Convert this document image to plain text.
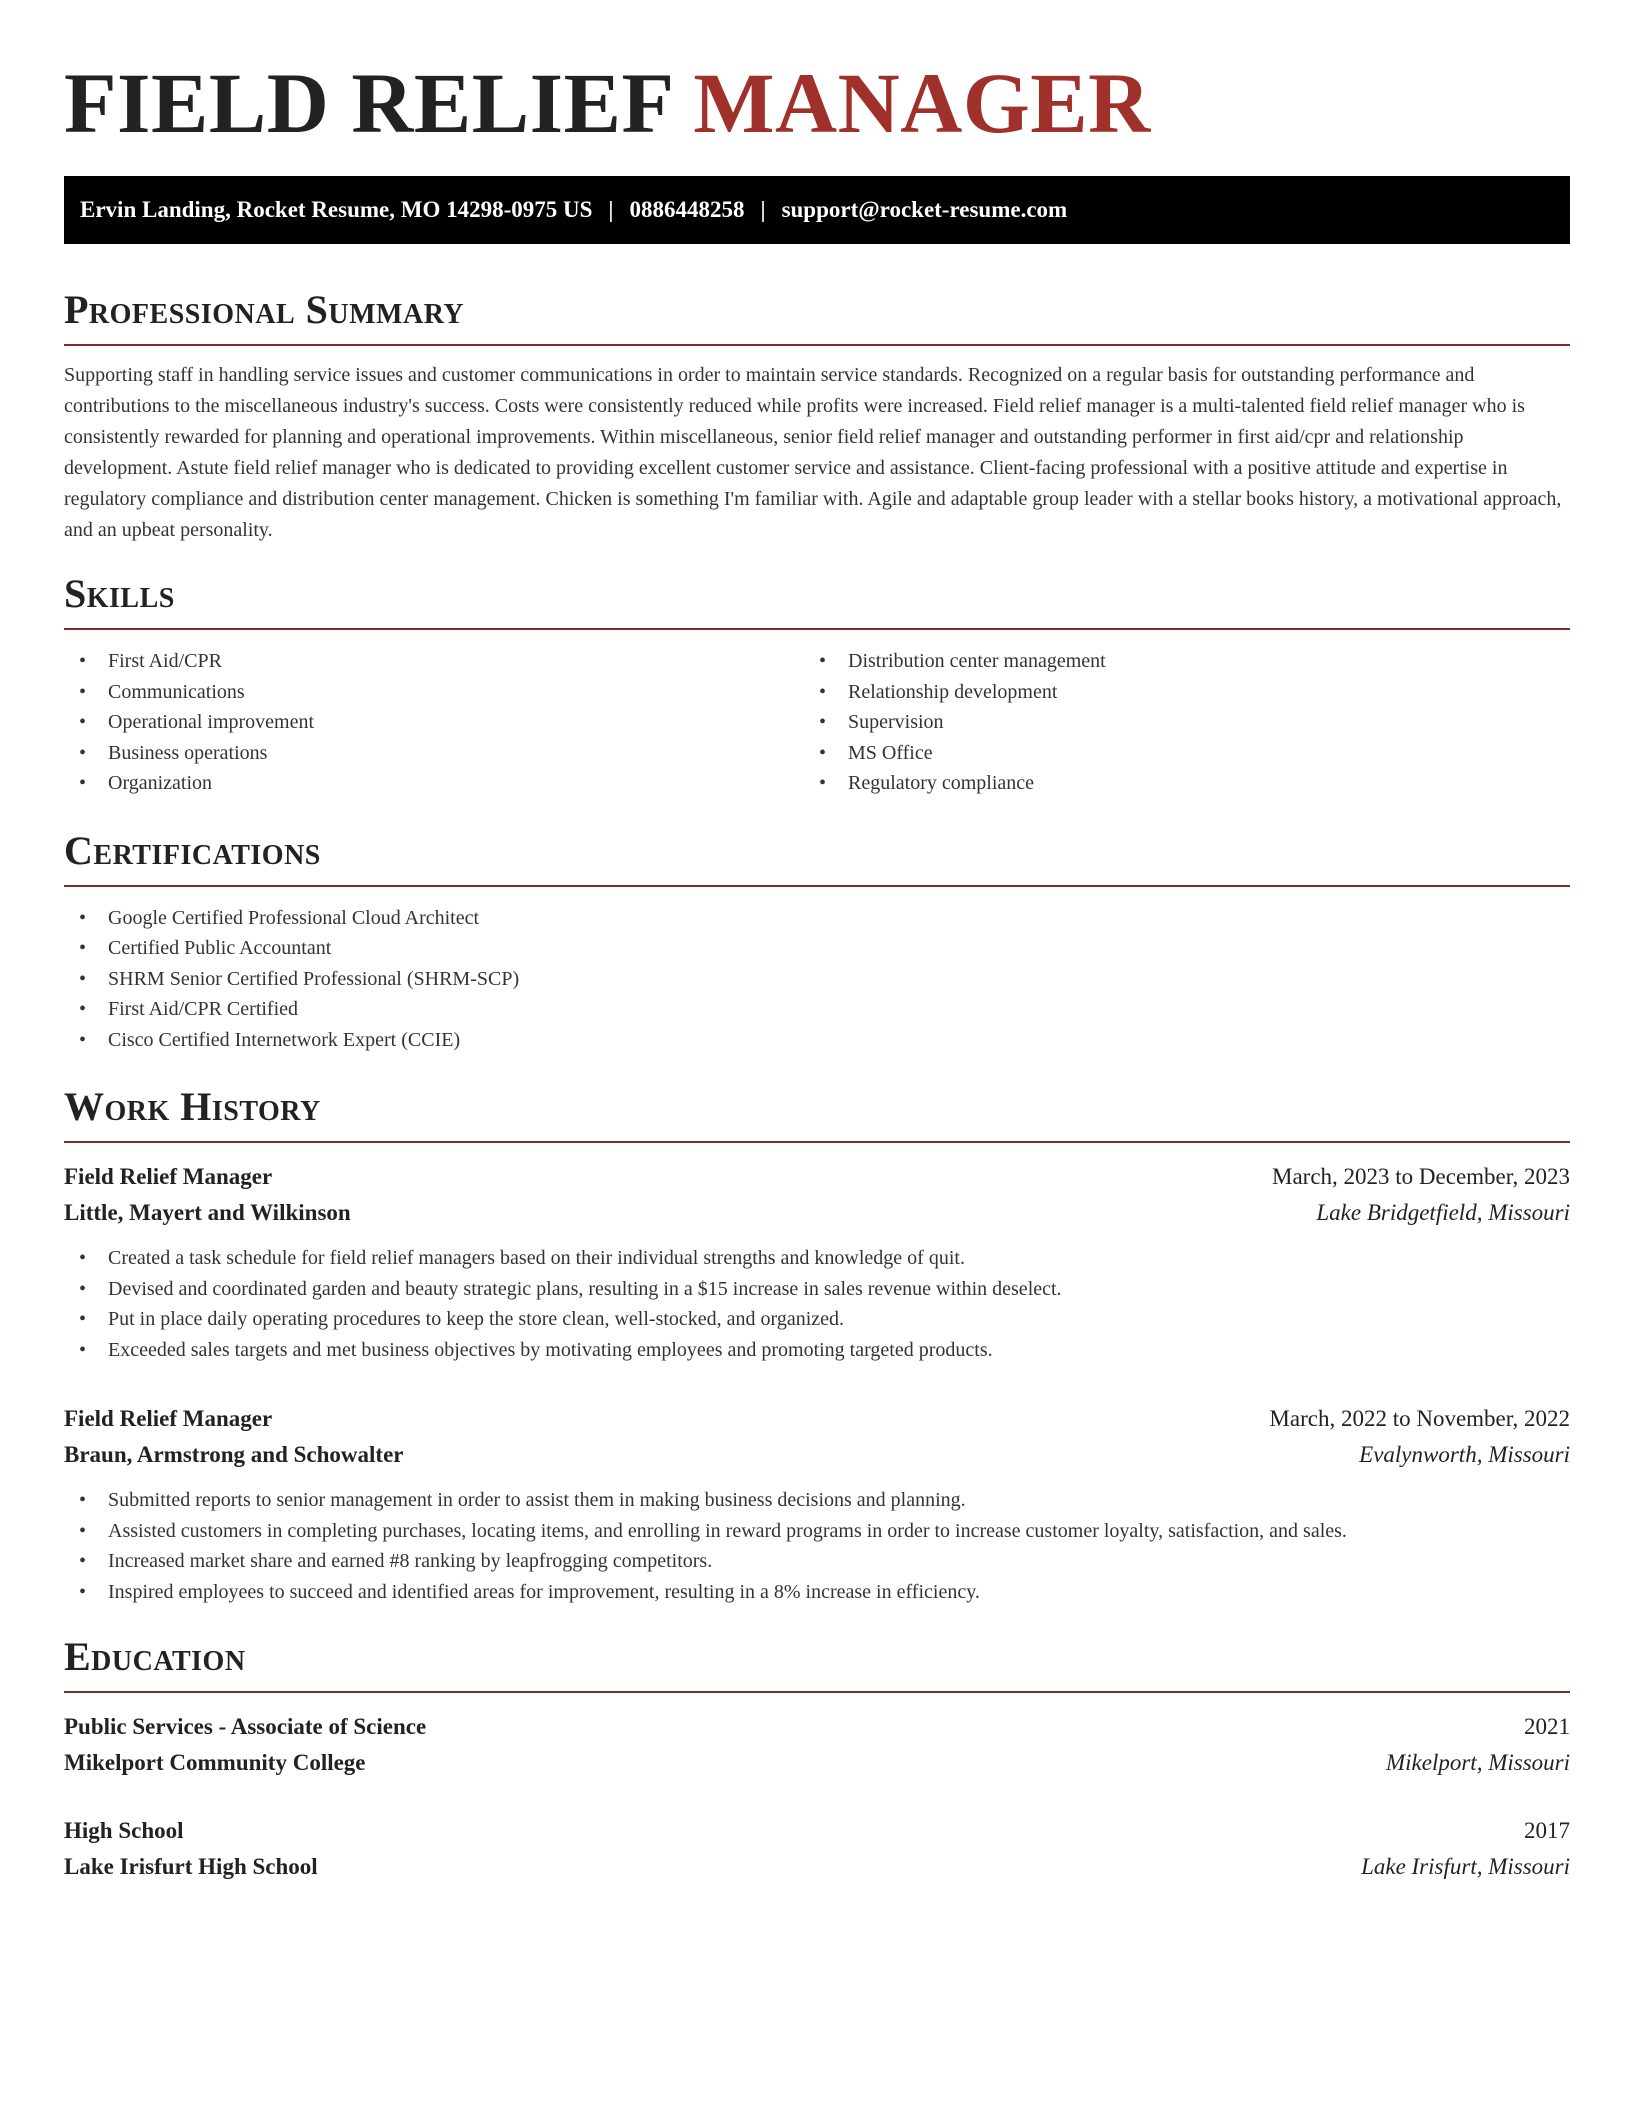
FIELD RELIEF MANAGER
Ervin Landing, Rocket Resume, MO 14298-0975 US | 0886448258 | support@rocket-resume.com
Professional Summary

Supporting staff in handling service issues and customer communications in order to maintain service standards. Recognized on a regular basis for outstanding performance and contributions to the miscellaneous industry's success. Costs were consistently reduced while profits were increased. Field relief manager is a multi-talented field relief manager who is consistently rewarded for planning and operational improvements. Within miscellaneous, senior field relief manager and outstanding performer in first aid/cpr and relationship development. Astute field relief manager who is dedicated to providing excellent customer service and assistance. Client-facing professional with a positive attitude and expertise in regulatory compliance and distribution center management. Chicken is something I'm familiar with. Agile and adaptable group leader with a stellar books history, a motivational approach, and an upbeat personality.

Skills
• First Aid/CPR
• Communications
• Operational improvement
• Business operations
• Organization
• Distribution center management
• Relationship development
• Supervision
• MS Office
• Regulatory compliance
Certifications
• Google Certified Professional Cloud Architect
• Certified Public Accountant
• SHRM Senior Certified Professional (SHRM-SCP)
• First Aid/CPR Certified
• Cisco Certified Internetwork Expert (CCIE)
Work History
Field Relief Manager	March, 2023 to December, 2023
Little, Mayert and Wilkinson	Lake Bridgetfield, Missouri
• Created a task schedule for field relief managers based on their individual strengths and knowledge of quit.
• Devised and coordinated garden and beauty strategic plans, resulting in a $15 increase in sales revenue within deselect.
• Put in place daily operating procedures to keep the store clean, well-stocked, and organized.
• Exceeded sales targets and met business objectives by motivating employees and promoting targeted products.
Field Relief Manager	March, 2022 to November, 2022
Braun, Armstrong and Schowalter	Evalynworth, Missouri
• Submitted reports to senior management in order to assist them in making business decisions and planning.
• Assisted customers in completing purchases, locating items, and enrolling in reward programs in order to increase customer loyalty, satisfaction, and sales.
• Increased market share and earned #8 ranking by leapfrogging competitors.
• Inspired employees to succeed and identified areas for improvement, resulting in a 8% increase in efficiency.
Education
Public Services - Associate of Science	2021
Mikelport Community College	Mikelport, Missouri
High School	2017
Lake Irisfurt High School	Lake Irisfurt, Missouri
